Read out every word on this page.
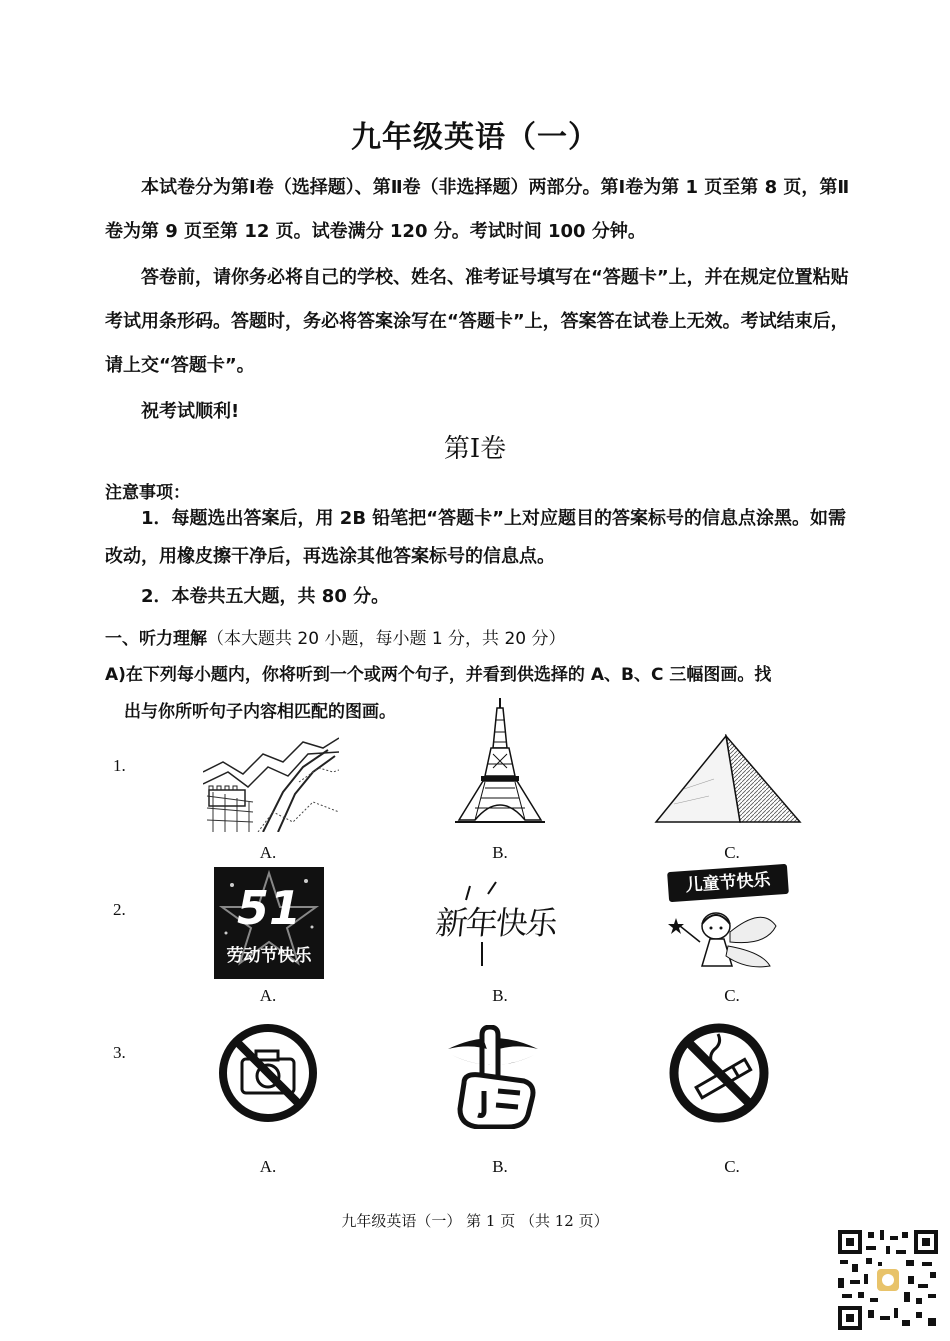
九年级英语（一）
本试卷分为第Ⅰ卷（选择题）、第Ⅱ卷（非选择题）两部分。第Ⅰ卷为第 1 页至第 8 页，第Ⅱ卷为第 9 页至第 12 页。试卷满分 120 分。考试时间 100 分钟。
答卷前，请你务必将自己的学校、姓名、准考证号填写在“答题卡”上，并在规定位置粘贴考试用条形码。答题时，务必将答案涂写在“答题卡”上，答案答在试卷上无效。考试结束后，请上交“答题卡”。
祝考试顺利!
第Ⅰ卷
注意事项：
1．每题选出答案后，用 2B 铅笔把“答题卡”上对应题目的答案标号的信息点涂黑。如需改动，用橡皮擦干净后，再选涂其他答案标号的信息点。
2．本卷共五大题，共 80 分。
一、听力理解（本大题共 20 小题，每小题 1 分，共 20 分）
A)在下列每小题内，你将听到一个或两个句子，并看到供选择的 A、B、C 三幅图画。找
出与你所听句子内容相匹配的图画。
1.
A.	B.	C.
2.	51
劳动节快乐
新年快乐
儿童节快乐
A.	B.	C.
3.
A.	B.	C.
九年级英语（一） 第 1 页 （共 12 页）
